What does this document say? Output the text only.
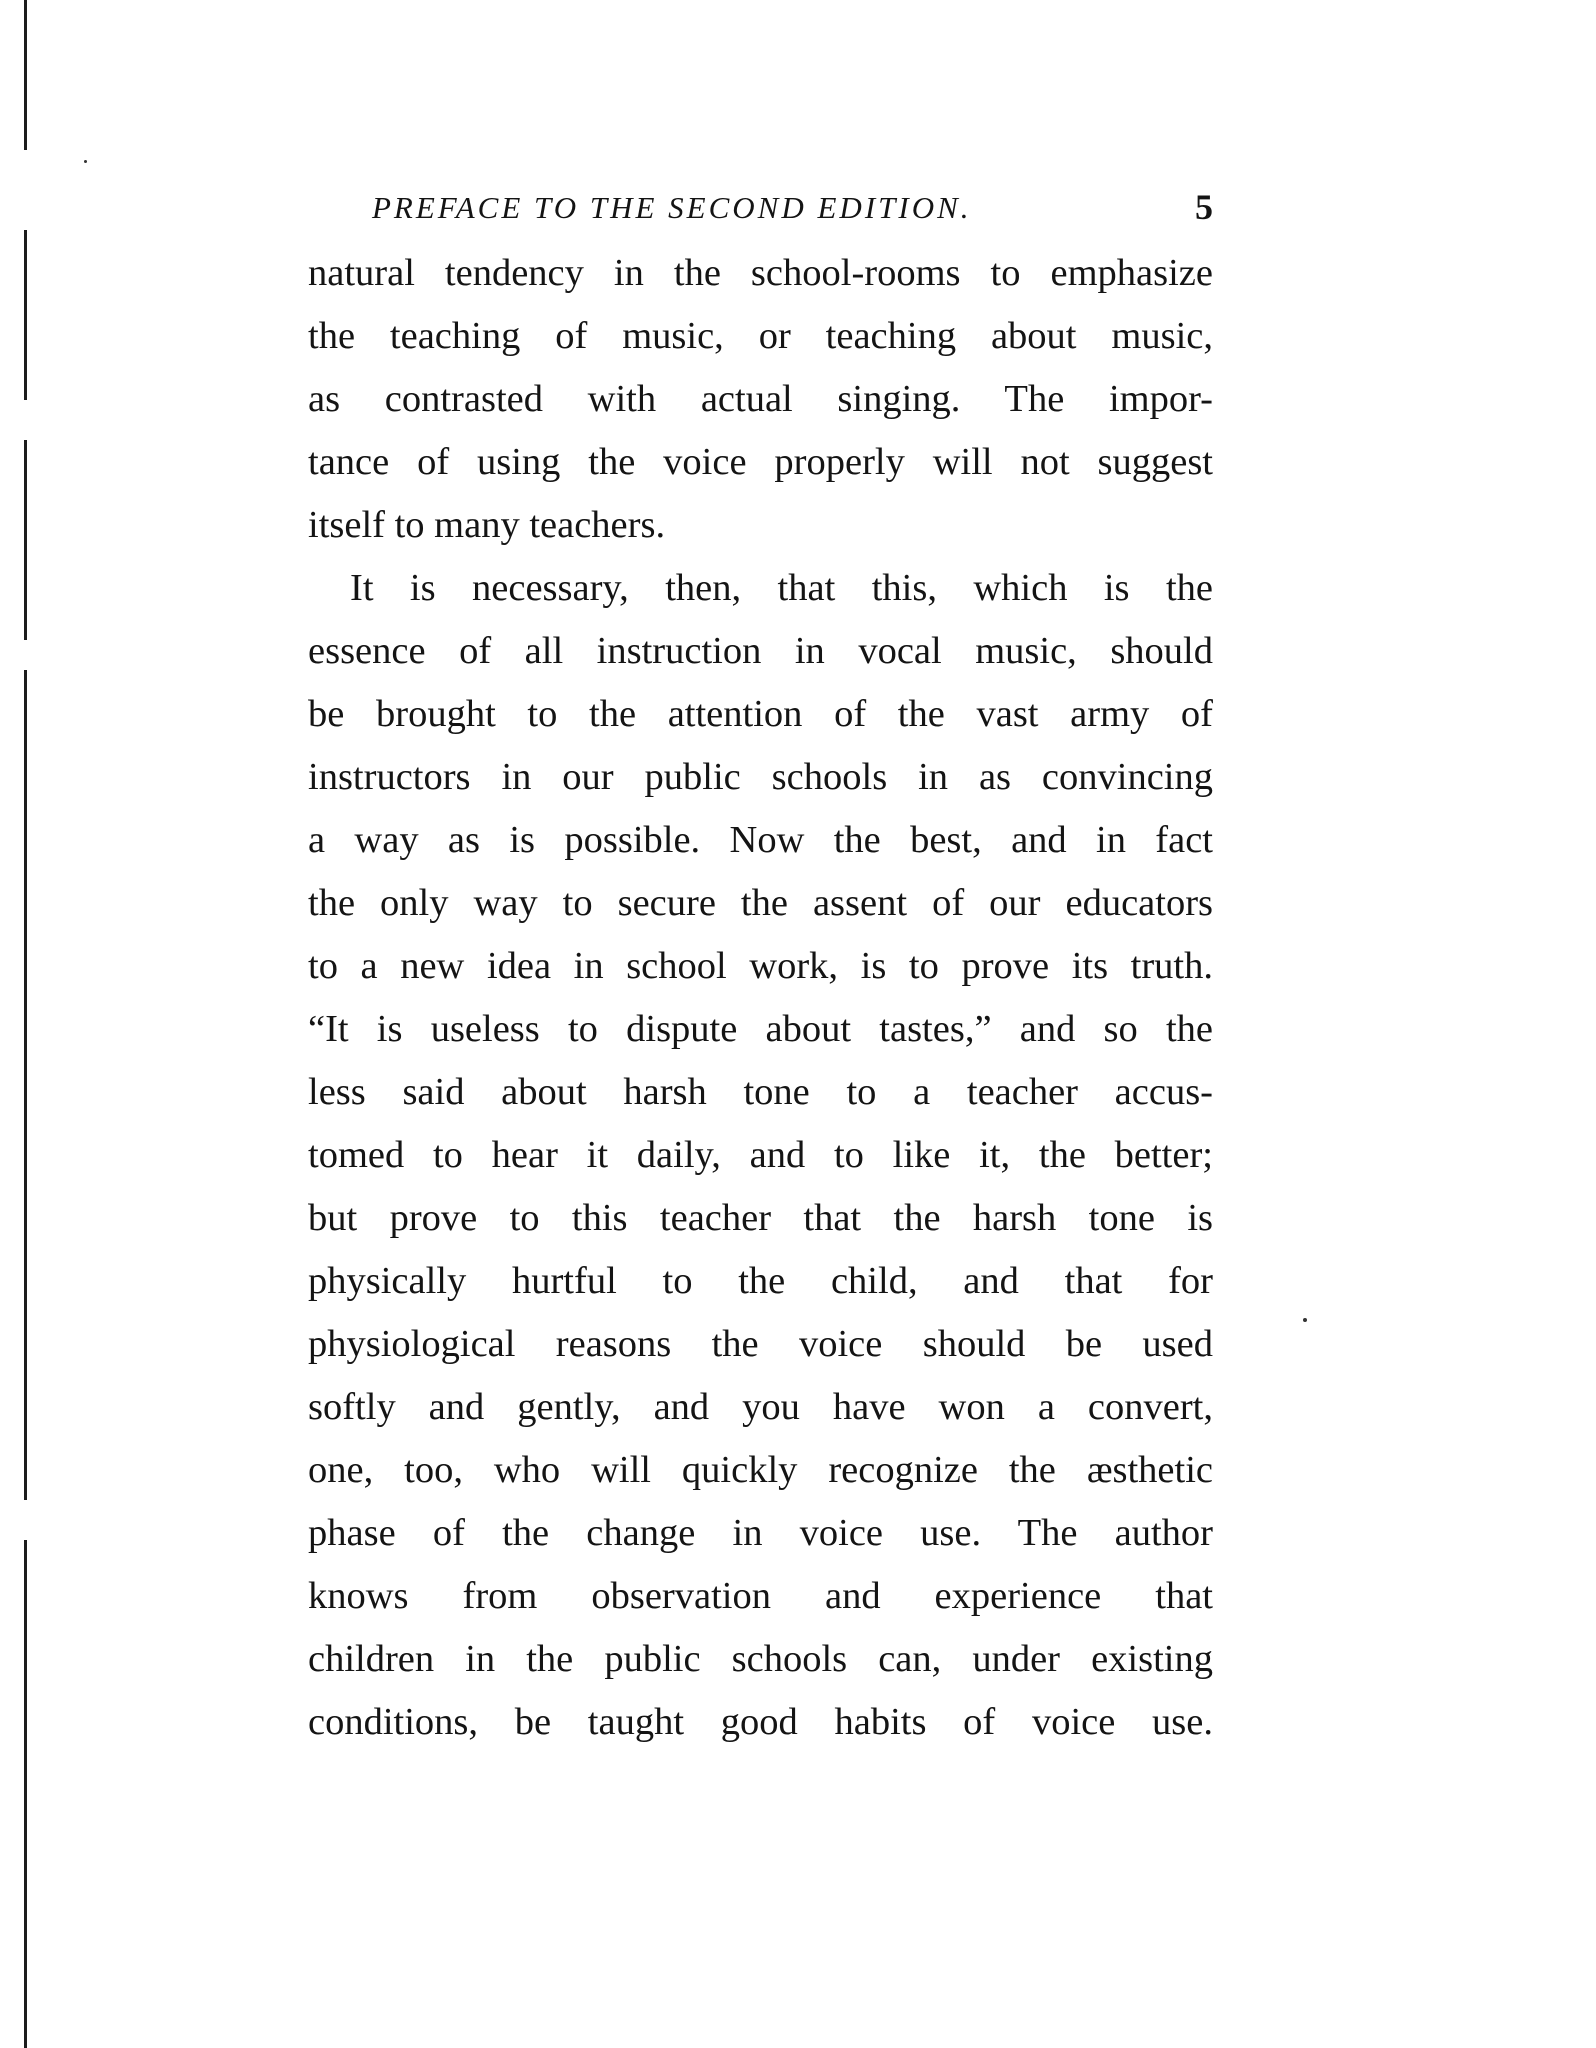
PREFACE TO THE SECOND EDITION.	5
natural tendency in the school-rooms to emphasize
the teaching of music, or teaching about music,
as contrasted with actual singing. The impor-
tance of using the voice properly will not suggest
itself to many teachers.
It is necessary, then, that this, which is the
essence of all instruction in vocal music, should
be brought to the attention of the vast army of
instructors in our public schools in as convincing
a way as is possible. Now the best, and in fact
the only way to secure the assent of our educators
to a new idea in school work, is to prove its truth.
“It is useless to dispute about tastes,” and so the
less said about harsh tone to a teacher accus-
tomed to hear it daily, and to like it, the better;
but prove to this teacher that the harsh tone is
physically hurtful to the child, and that for
physiological reasons the voice should be used
softly and gently, and you have won a convert,
one, too, who will quickly recognize the æsthetic
phase of the change in voice use. The author
knows from observation and experience that
children in the public schools can, under existing
conditions, be taught good habits of voice use.
